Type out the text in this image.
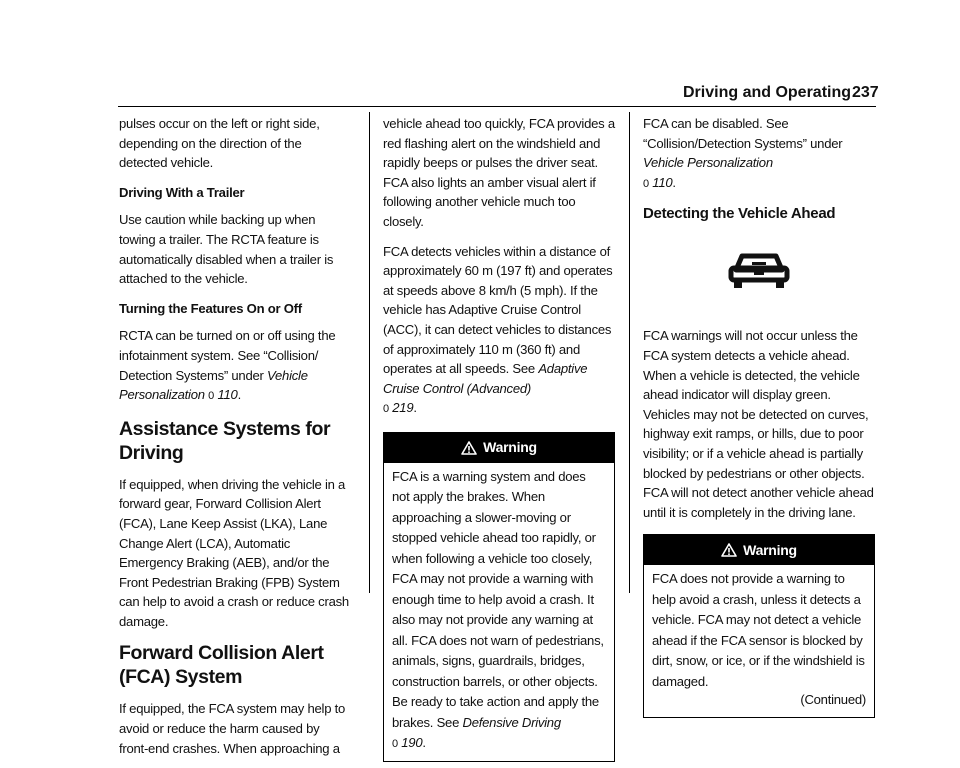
Driving and Operating 237

pulses occur on the left or right side, depending on the direction of the detected vehicle.

Driving With a Trailer

Use caution while backing up when towing a trailer. The RCTA feature is automatically disabled when a trailer is attached to the vehicle.

Turning the Features On or Off

RCTA can be turned on or off using the infotainment system. See “Collision/ Detection Systems” under Vehicle Personalization 0 110.

Assistance Systems for Driving

If equipped, when driving the vehicle in a forward gear, Forward Collision Alert (FCA), Lane Keep Assist (LKA), Lane Change Alert (LCA), Automatic Emergency Braking (AEB), and/or the Front Pedestrian Braking (FPB) System can help to avoid a crash or reduce crash damage.

Forward Collision Alert (FCA) System

If equipped, the FCA system may help to avoid or reduce the harm caused by front-end crashes. When approaching a

vehicle ahead too quickly, FCA provides a red flashing alert on the windshield and rapidly beeps or pulses the driver seat. FCA also lights an amber visual alert if following another vehicle much too closely.

FCA detects vehicles within a distance of approximately 60 m (197 ft) and operates at speeds above 8 km/h (5 mph). If the vehicle has Adaptive Cruise Control (ACC), it can detect vehicles to distances of approximately 110 m (360 ft) and operates at all speeds. See Adaptive Cruise Control (Advanced)
0 219.

Warning
FCA is a warning system and does not apply the brakes. When approaching a slower-moving or stopped vehicle ahead too rapidly, or when following a vehicle too closely, FCA may not provide a warning with enough time to help avoid a crash. It also may not provide any warning at all. FCA does not warn of pedestrians, animals, signs, guardrails, bridges, construction barrels, or other objects. Be ready to take action and apply the brakes. See Defensive Driving
0 190.

FCA can be disabled. See “Collision/Detection Systems” under Vehicle Personalization
0 110.

Detecting the Vehicle Ahead

FCA warnings will not occur unless the FCA system detects a vehicle ahead. When a vehicle is detected, the vehicle ahead indicator will display green. Vehicles may not be detected on curves, highway exit ramps, or hills, due to poor visibility; or if a vehicle ahead is partially blocked by pedestrians or other objects. FCA will not detect another vehicle ahead until it is completely in the driving lane.

Warning
FCA does not provide a warning to help avoid a crash, unless it detects a vehicle. FCA may not detect a vehicle ahead if the FCA sensor is blocked by dirt, snow, or ice, or if the windshield is damaged.
(Continued)
